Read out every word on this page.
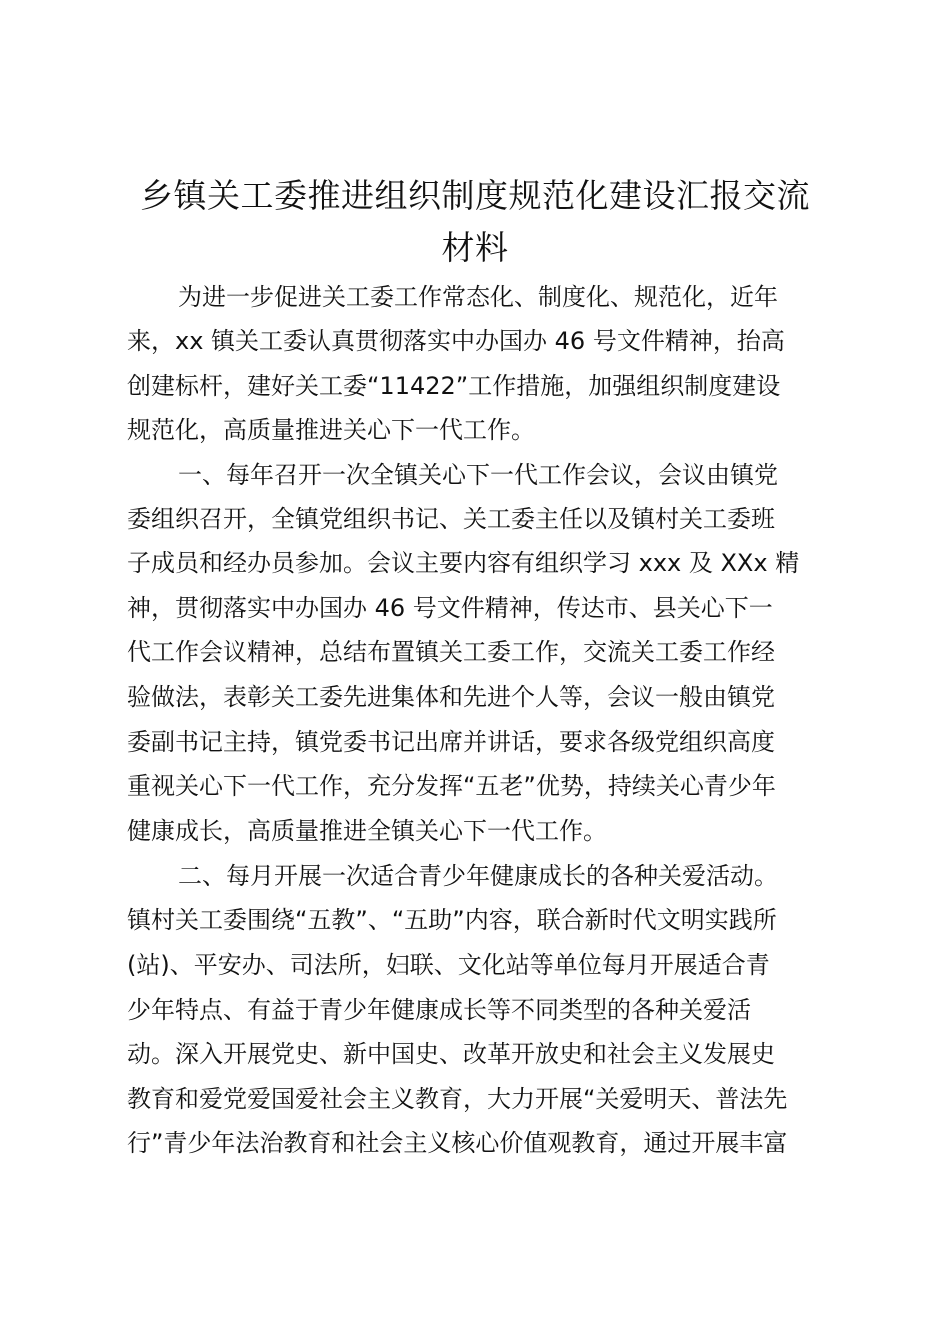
乡镇关工委推进组织制度规范化建设汇报交流
材料

为进一步促进关工委工作常态化、制度化、规范化，近年

来，xx 镇关工委认真贯彻落实中办国办 46 号文件精神，抬高

创建标杆，建好关工委“11422”工作措施，加强组织制度建设

规范化，高质量推进关心下一代工作。

一、每年召开一次全镇关心下一代工作会议，会议由镇党

委组织召开，全镇党组织书记、关工委主任以及镇村关工委班

子成员和经办员参加。会议主要内容有组织学习 xxx 及 XXx 精

神，贯彻落实中办国办 46 号文件精神，传达市、县关心下一

代工作会议精神，总结布置镇关工委工作，交流关工委工作经

验做法，表彰关工委先进集体和先进个人等，会议一般由镇党

委副书记主持，镇党委书记出席并讲话，要求各级党组织高度

重视关心下一代工作，充分发挥“五老”优势，持续关心青少年

健康成长，高质量推进全镇关心下一代工作。

二、每月开展一次适合青少年健康成长的各种关爱活动。

镇村关工委围绕“五教”、“五助”内容，联合新时代文明实践所

(站)、平安办、司法所，妇联、文化站等单位每月开展适合青

少年特点、有益于青少年健康成长等不同类型的各种关爱活

动。深入开展党史、新中国史、改革开放史和社会主义发展史

教育和爱党爱国爱社会主义教育，大力开展“关爱明天、普法先

行”青少年法治教育和社会主义核心价值观教育，通过开展丰富
